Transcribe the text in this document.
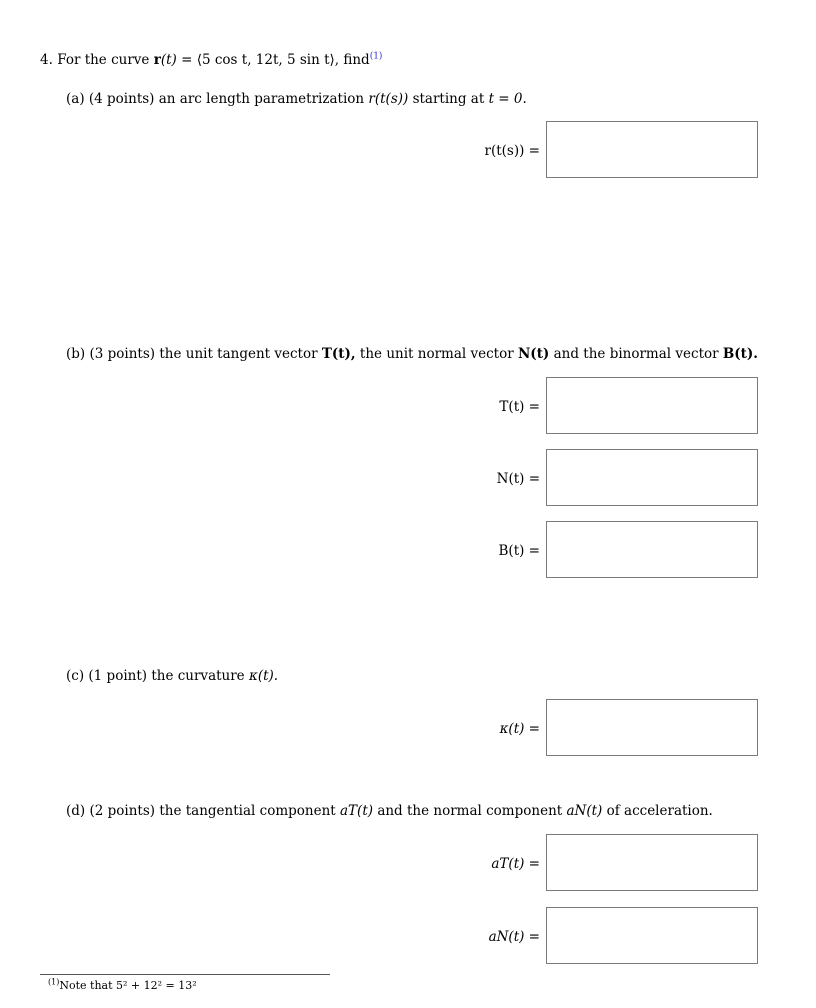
4. For the curve r(t) = ⟨5 cos t, 12t, 5 sin t⟩, find$^{(1)}$
(a) (4 points) an arc length parametrization r(t(s)) starting at t = 0.
r(t(s)) =
(b) (3 points) the unit tangent vector T(t), the unit normal vector N(t) and the binormal vector B(t).
T(t) =
N(t) =
B(t) =
(c) (1 point) the curvature κ(t).
κ(t) =
(d) (2 points) the tangential component aT(t) and the normal component aN(t) of acceleration.
aT(t) =
aN(t) =
$^{(1)}$Note that 5² + 12² = 13²
